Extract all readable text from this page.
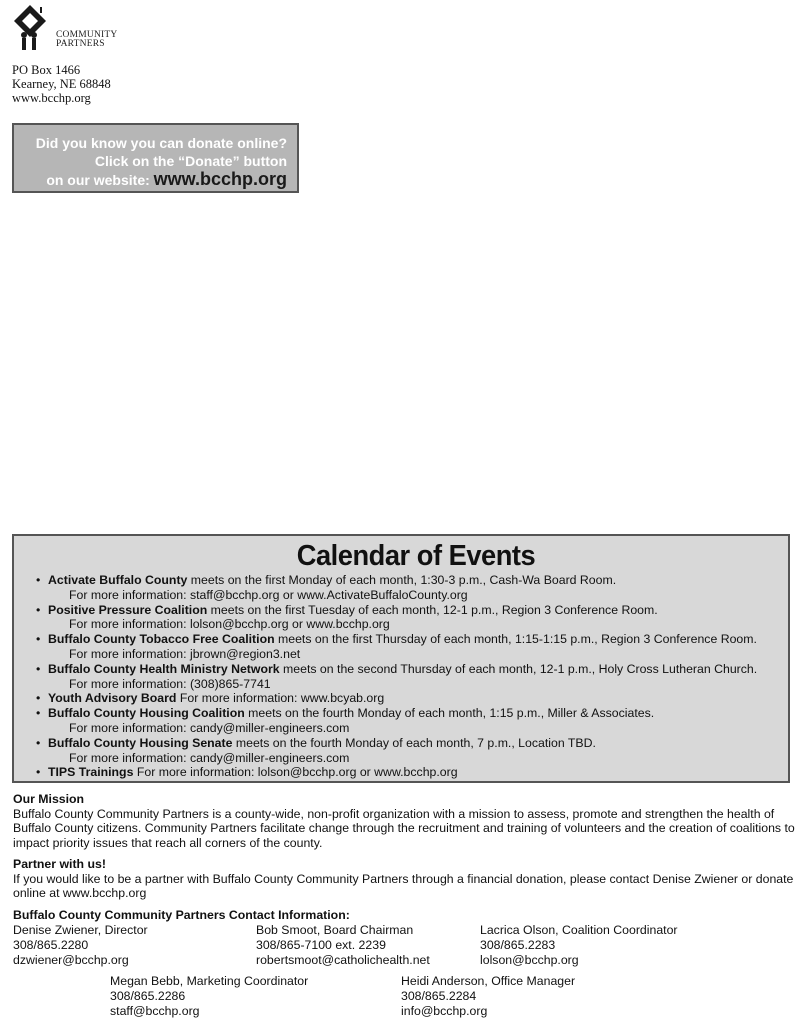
COMMUNITY
PARTNERS
PO Box 1466
Kearney, NE 68848
www.bcchp.org
Did you know you can donate online?
Click on the “Donate” button
on our website: www.bcchp.org
Calendar of Events
• Activate Buffalo County meets on the first Monday of each month, 1:30-3 p.m., Cash-Wa Board Room.
For more information: staff@bcchp.org or www.ActivateBuffaloCounty.org
• Positive Pressure Coalition meets on the first Tuesday of each month, 12-1 p.m., Region 3 Conference Room.
For more information: lolson@bcchp.org or www.bcchp.org
• Buffalo County Tobacco Free Coalition meets on the first Thursday of each month, 1:15-1:15 p.m., Region 3 Conference Room.
For more information: jbrown@region3.net
• Buffalo County Health Ministry Network meets on the second Thursday of each month, 12-1 p.m., Holy Cross Lutheran Church.
For more information: (308)865-7741
• Youth Advisory Board For more information: www.bcyab.org
• Buffalo County Housing Coalition meets on the fourth Monday of each month, 1:15 p.m., Miller & Associates.
For more information: candy@miller-engineers.com
• Buffalo County Housing Senate meets on the fourth Monday of each month, 7 p.m., Location TBD.
For more information: candy@miller-engineers.com
• TIPS Trainings For more information: lolson@bcchp.org or www.bcchp.org
Our Mission

Buffalo County Community Partners is a county-wide, non-profit organization with a mission to assess, promote and strengthen the health of

Buffalo County citizens. Community Partners facilitate change through the recruitment and training of volunteers and the creation of coalitions to

impact priority issues that reach all corners of the county.

Partner with us!

If you would like to be a partner with Buffalo County Community Partners through a financial donation, please contact Denise Zwiener or donate

online at www.bcchp.org

Buffalo County Community Partners Contact Information:
Denise Zwiener, Director
308/865.2280
dzwiener@bcchp.org
Bob Smoot, Board Chairman
308/865-7100 ext. 2239
robertsmoot@catholichealth.net
Lacrica Olson, Coalition Coordinator
308/865.2283
lolson@bcchp.org
Megan Bebb, Marketing Coordinator
308/865.2286
staff@bcchp.org
Heidi Anderson, Office Manager
308/865.2284
info@bcchp.org
